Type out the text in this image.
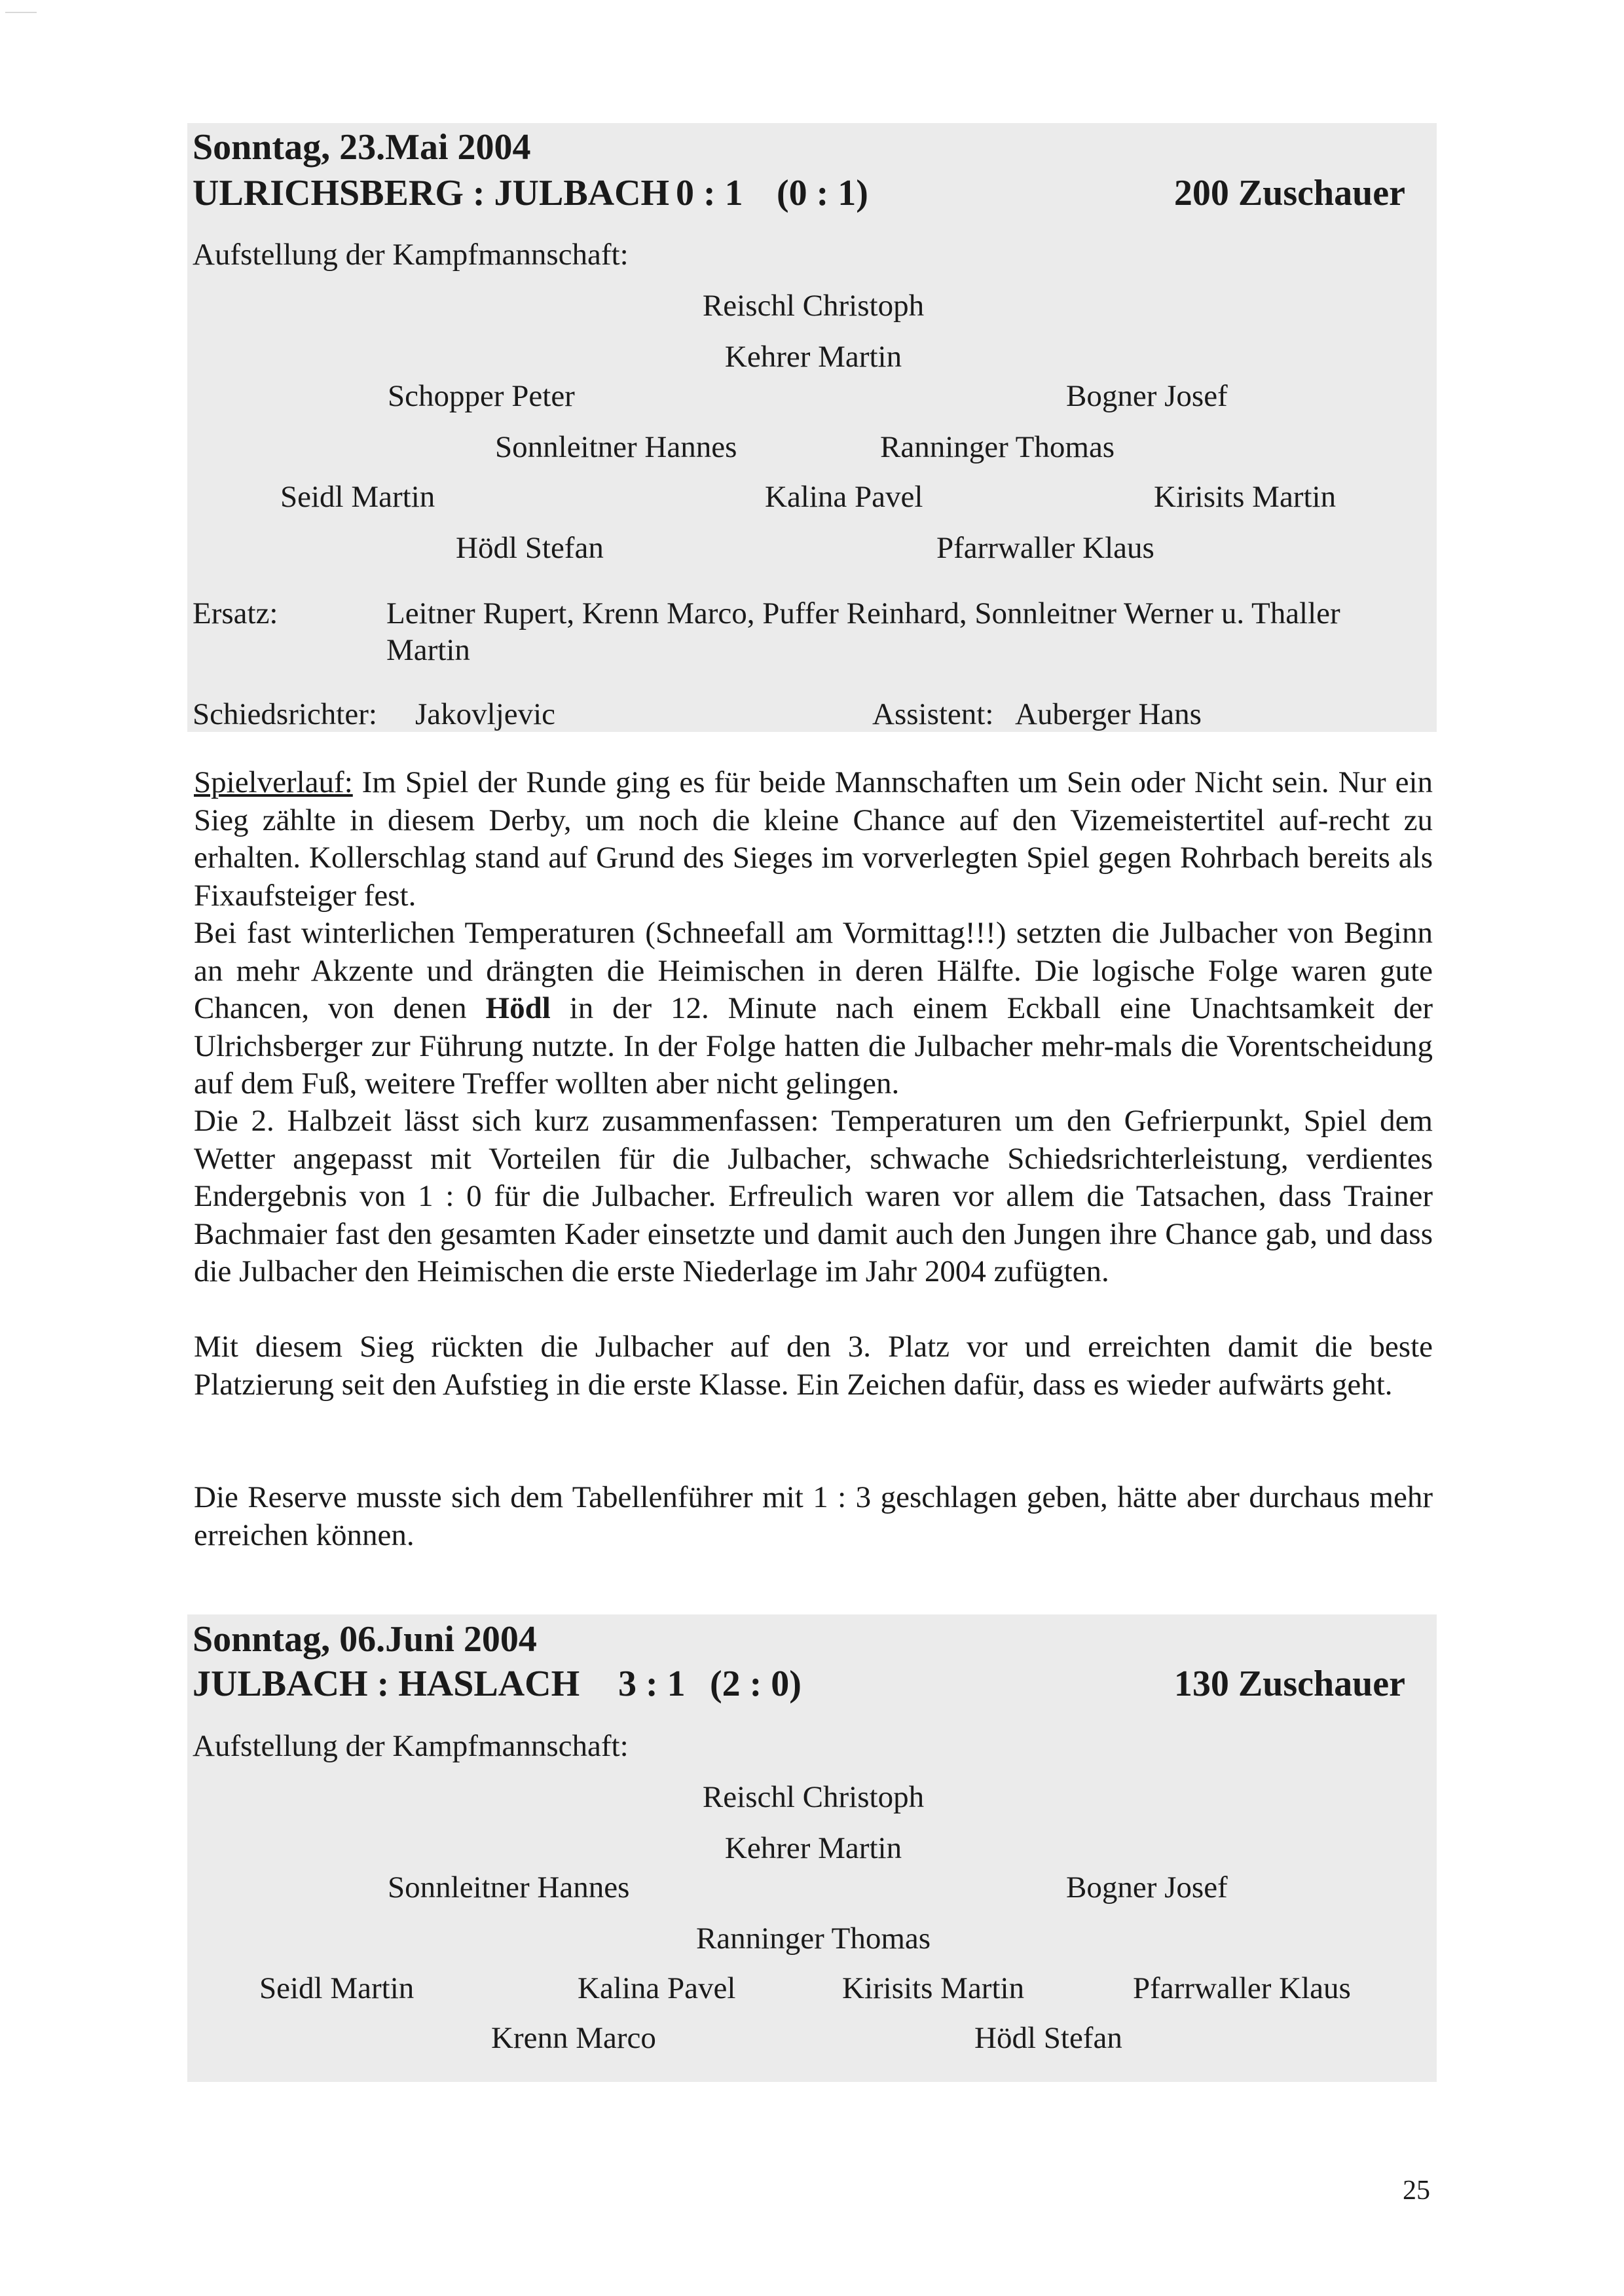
Sonntag, 23.Mai 2004
ULRICHSBERG : JULBACH 0 : 1 (0 : 1)	200 Zuschauer
Aufstellung der Kampfmannschaft:
Reischl Christoph
Kehrer Martin
Schopper Peter	Bogner Josef
Sonnleitner Hannes	Ranninger Thomas
Seidl Martin	Kalina Pavel	Kirisits Martin
Hödl Stefan	Pfarrwaller Klaus
Ersatz:	Leitner Rupert, Krenn Marco, Puffer Reinhard, Sonnleitner Werner u. Thaller
Martin
Schiedsrichter: Jakovljevic	Assistent: Auberger Hans
Spielverlauf: Im Spiel der Runde ging es für beide Mannschaften um Sein oder Nicht sein. Nur ein Sieg zählte in diesem Derby, um noch die kleine Chance auf den Vizemeistertitel auf-recht zu erhalten. Kollerschlag stand auf Grund des Sieges im vorverlegten Spiel gegen Rohrbach bereits als Fixaufsteiger fest.
Bei fast winterlichen Temperaturen (Schneefall am Vormittag!!!) setzten die Julbacher von Beginn an mehr Akzente und drängten die Heimischen in deren Hälfte. Die logische Folge waren gute Chancen, von denen Hödl in der 12. Minute nach einem Eckball eine Unachtsamkeit der Ulrichsberger zur Führung nutzte. In der Folge hatten die Julbacher mehr-mals die Vorentscheidung auf dem Fuß, weitere Treffer wollten aber nicht gelingen.
Die 2. Halbzeit lässt sich kurz zusammenfassen: Temperaturen um den Gefrierpunkt, Spiel dem Wetter angepasst mit Vorteilen für die Julbacher, schwache Schiedsrichterleistung, verdientes Endergebnis von 1 : 0 für die Julbacher. Erfreulich waren vor allem die Tatsachen, dass Trainer Bachmaier fast den gesamten Kader einsetzte und damit auch den Jungen ihre Chance gab, und dass die Julbacher den Heimischen die erste Niederlage im Jahr 2004 zufügten.
Mit diesem Sieg rückten die Julbacher auf den 3. Platz vor und erreichten damit die beste Platzierung seit den Aufstieg in die erste Klasse. Ein Zeichen dafür, dass es wieder aufwärts geht.
Die Reserve musste sich dem Tabellenführer mit 1 : 3 geschlagen geben, hätte aber durchaus mehr erreichen können.
Sonntag, 06.Juni 2004
JULBACH : HASLACH 3 : 1 (2 : 0)	130 Zuschauer
Aufstellung der Kampfmannschaft:
Reischl Christoph
Kehrer Martin
Sonnleitner Hannes	Bogner Josef
Ranninger Thomas
Seidl Martin	Kalina Pavel	Kirisits Martin	Pfarrwaller Klaus
Krenn Marco	Hödl Stefan
25
